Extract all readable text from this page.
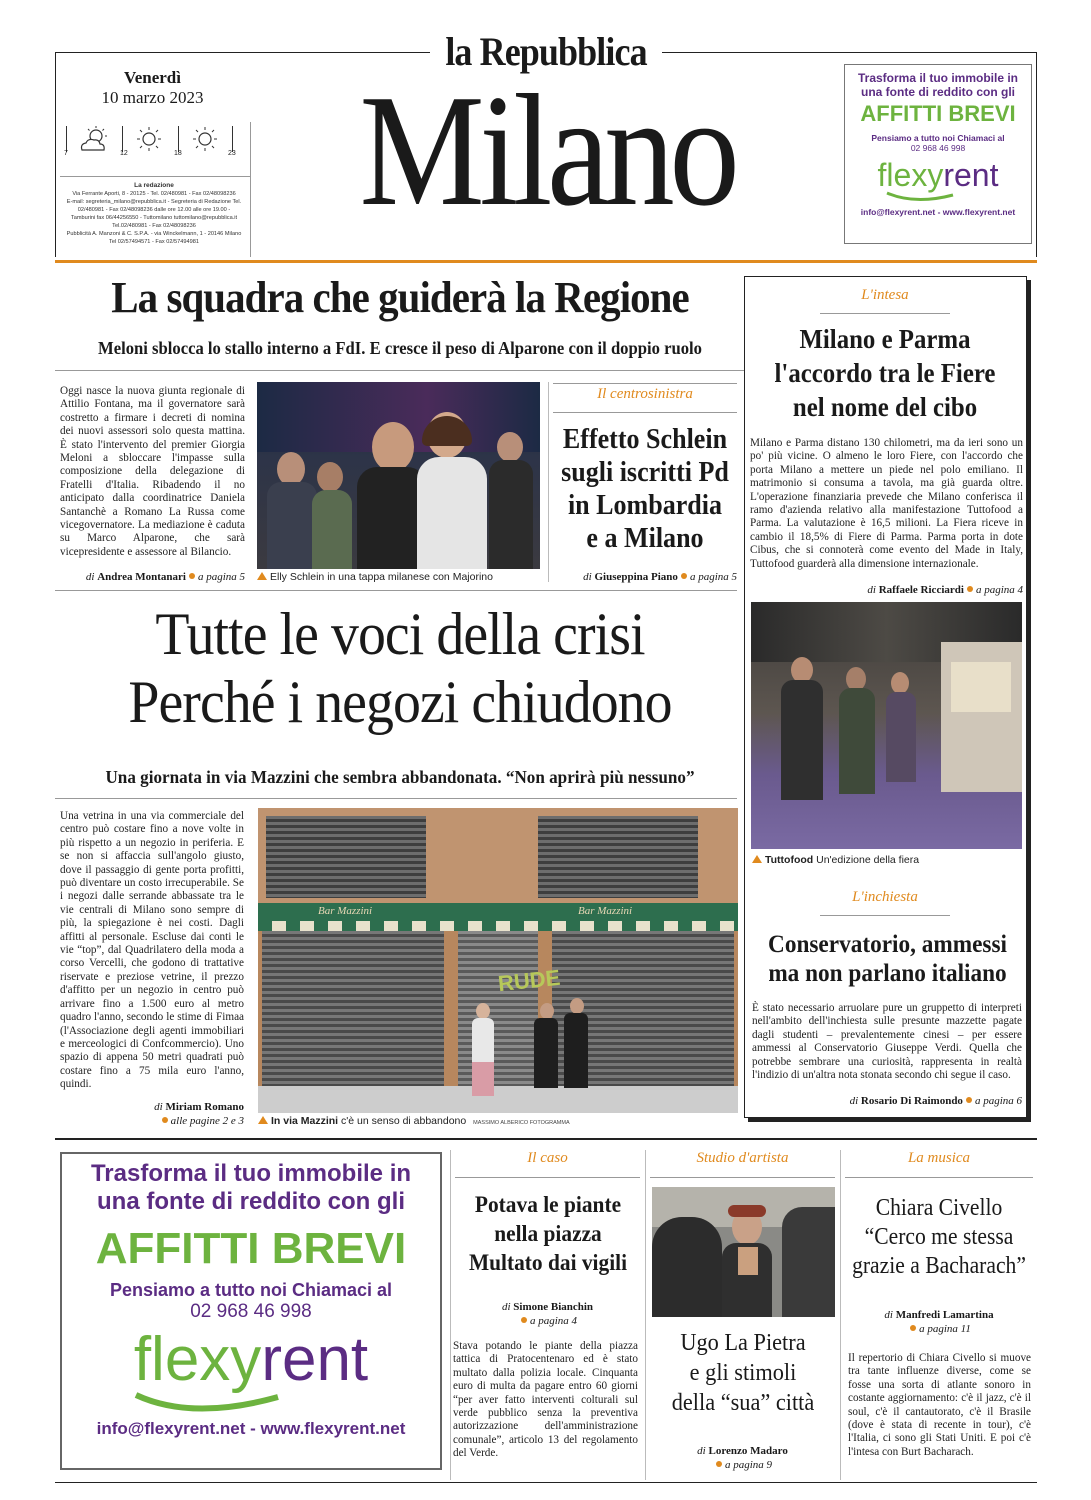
la Repubblica
Milano
Venerdì
10 marzo 2023
7	12	18	23
La redazione
Via Ferrante Aporti, 8 - 20125 - Tel. 02/480981 - Fax 02/48098236
E-mail: segreteria_milano@repubblica.it - Segreteria di Redazione Tel.
02/480981 - Fax 02/48098236 dalle ore 12.00 alle ore 19.00 -
Tamburini fax 06/44256550 - Tuttomilano tuttomilano@repubblica.it
Tel.02/480981 - Fax 02/48098236
Pubblicità A. Manzoni & C. S.P.A. - via Winckelmann, 1 - 20146 Milano
Tel 02/57494571 - Fax 02/57494981
Trasforma il tuo immobile in
una fonte di reddito con gli
AFFITTI BREVI
Pensiamo a tutto noi Chiamaci al
02 968 46 998
flexyrent
info@flexyrent.net - www.flexyrent.net
La squadra che guiderà la Regione
Meloni sblocca lo stallo interno a FdI. E cresce il peso di Alparone con il doppio ruolo
Oggi nasce la nuova giunta regionale di Attilio Fontana, ma il governatore sarà costretto a firmare i decreti di nomina dei nuovi assessori solo questa mattina. È stato l'intervento del premier Giorgia Meloni a sbloccare l'impasse sulla composizione della delegazione di Fratelli d'Italia. Ribadendo il no anticipato dalla coordinatrice Daniela Santanchè a Romano La Russa come vicegovernatore. La mediazione è caduta su Marco Alparone, che sarà vicepresidente e assessore al Bilancio.
di Andrea Montanari a pagina 5	Elly Schlein in una tappa milanese con Majorino
Il centrosinistra
Effetto Schlein
sugli iscritti Pd
in Lombardia
e a Milano
di Giuseppina Piano a pagina 5
L'intesa
Milano e Parma
l'accordo tra le Fiere
nel nome del cibo
Milano e Parma distano 130 chilometri, ma da ieri sono un po' più vicine. O almeno le loro Fiere, con l'accordo che porta Milano a mettere un piede nel polo emiliano. Il matrimonio si consuma a tavola, ma già guarda oltre. L'operazione finanziaria prevede che Milano conferisca il ramo d'azienda relativo alla manifestazione Tuttofood a Parma. La valutazione è 16,5 milioni. La Fiera riceve in cambio il 18,5% di Fiere di Parma. Parma porta in dote Cibus, che si connoterà come evento del Made in Italy, Tuttofood guarderà alla dimensione internazionale.
di Raffaele Ricciardi a pagina 4
Tuttofood Un'edizione della fiera
L'inchiesta
Conservatorio, ammessi
ma non parlano italiano
È stato necessario arruolare pure un gruppetto di interpreti nell'ambito dell'inchiesta sulle presunte mazzette pagate dagli studenti – prevalentemente cinesi – per essere ammessi al Conservatorio Giuseppe Verdi. Quella che potrebbe sembrare una curiosità, rappresenta in realtà l'indizio di un'altra nota stonata secondo chi segue il caso.
di Rosario Di Raimondo a pagina 6
Tutte le voci della crisi
Perché i negozi chiudono
Una giornata in via Mazzini che sembra abbandonata. “Non aprirà più nessuno”
Una vetrina in una via commerciale del centro può costare fino a nove volte in più rispetto a un negozio in periferia. E se non si affaccia sull'angolo giusto, dove il passaggio di gente porta profitti, può diventare un costo irrecuperabile. Se i negozi dalle serrande abbassate tra le vie centrali di Milano sono sempre di più, la spiegazione è nei costi. Dagli affitti al personale. Escluse dai conti le vie “top”, dal Quadrilatero della moda a corso Vercelli, che godono di trattative riservate e preziose vetrine, il prezzo d'affitto per un negozio in centro può arrivare fino a 1.500 euro al metro quadro l'anno, secondo le stime di Fimaa (l'Associazione degli agenti immobiliari e merceologici di Confcommercio). Uno spazio di appena 50 metri quadrati può costare fino a 75 mila euro l'anno, quindi.
di Miriam Romano
alle pagine 2 e 3
Bar Mazzini	Bar Mazzini
RUDE
In via Mazzini c'è un senso di abbandono MASSIMO ALBERICO FOTOGRAMMA
Trasforma il tuo immobile in
una fonte di reddito con gli
AFFITTI BREVI
Pensiamo a tutto noi Chiamaci al
02 968 46 998
flexyrent
info@flexyrent.net - www.flexyrent.net
Il caso
Potava le piante
nella piazza
Multato dai vigili
di Simone Bianchin
a pagina 4
Stava potando le piante della piazza tattica di Pratocentenaro ed è stato multato dalla polizia locale. Cinquanta euro di multa da pagare entro 60 giorni “per aver fatto interventi colturali sul verde pubblico senza la preventiva autorizzazione dell'amministrazione comunale”, articolo 13 del regolamento del Verde.
Studio d'artista
Ugo La Pietra
e gli stimoli
della “sua” città
di Lorenzo Madaro
a pagina 9
La musica
Chiara Civello
“Cerco me stessa
grazie a Bacharach”
di Manfredi Lamartina
a pagina 11
Il repertorio di Chiara Civello si muove tra tante influenze diverse, come se fosse una sorta di atlante sonoro in costante aggiornamento: c'è il jazz, c'è il soul, c'è il cantautorato, c'è il Brasile (dove è stata di recente in tour), c'è l'Italia, ci sono gli Stati Uniti. E poi c'è l'intesa con Burt Bacharach.
